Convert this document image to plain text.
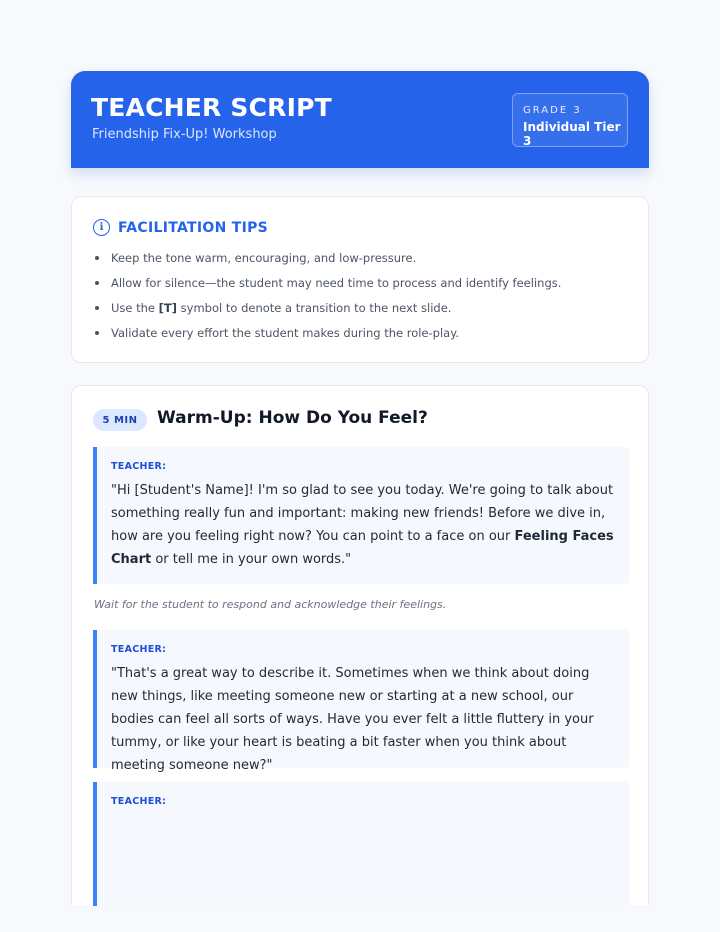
TEACHER SCRIPT
Friendship Fix-Up! Workshop
GRADE 3
Individual Tier 3
i	FACILITATION TIPS
Keep the tone warm, encouraging, and low-pressure.
Allow for silence—the student may need time to process and identify feelings.
Use the [T] symbol to denote a transition to the next slide.
Validate every effort the student makes during the role-play.
5 MIN	Warm-Up: How Do You Feel?
TEACHER:
"Hi [Student's Name]! I'm so glad to see you today. We're going to talk about something really fun and important: making new friends! Before we dive in, how are you feeling right now? You can point to a face on our Feeling Faces Chart or tell me in your own words."
Wait for the student to respond and acknowledge their feelings.
TEACHER:
"That's a great way to describe it. Sometimes when we think about doing new things, like meeting someone new or starting at a new school, our bodies can feel all sorts of ways. Have you ever felt a little fluttery in your tummy, or like your heart is beating a bit faster when you think about meeting someone new?"
TEACHER:
